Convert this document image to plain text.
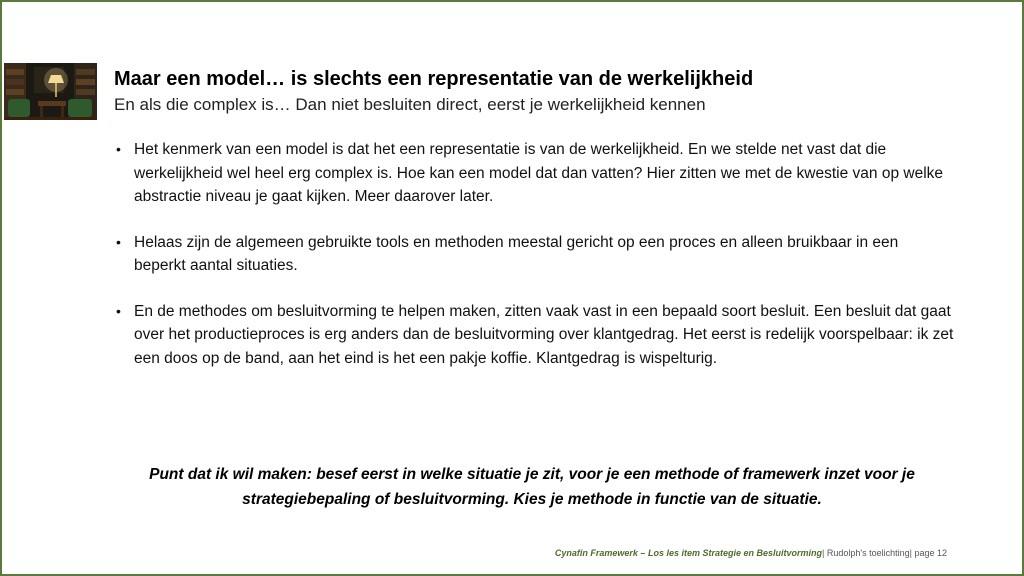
Maar een model… is slechts een representatie van de werkelijkheid
En als die complex is… Dan niet besluiten direct, eerst je werkelijkheid kennen
• Het kenmerk van een model is dat het een representatie is van de werkelijkheid. En we stelde net vast dat die werkelijkheid wel heel erg complex is. Hoe kan een model dat dan vatten? Hier zitten we met de kwestie van op welke abstractie niveau je gaat kijken. Meer daarover later.
• Helaas zijn de algemeen gebruikte tools en methoden meestal gericht op een proces en alleen bruikbaar in een beperkt aantal situaties.
• En de methodes om besluitvorming te helpen maken, zitten vaak vast in een bepaald soort besluit. Een besluit dat gaat over het productieproces is erg anders dan de besluitvorming over klantgedrag. Het eerst is redelijk voorspelbaar: ik zet een doos op de band, aan het eind is het een pakje koffie. Klantgedrag is wispelturig.
Punt dat ik wil maken: besef eerst in welke situatie je zit, voor je een methode of framewerk inzet voor je strategiebepaling of besluitvorming. Kies je methode in functie van de situatie.
Cynafin Framewerk – Los les item Strategie en Besluitvorming| Rudolph's toelichting| page 12
